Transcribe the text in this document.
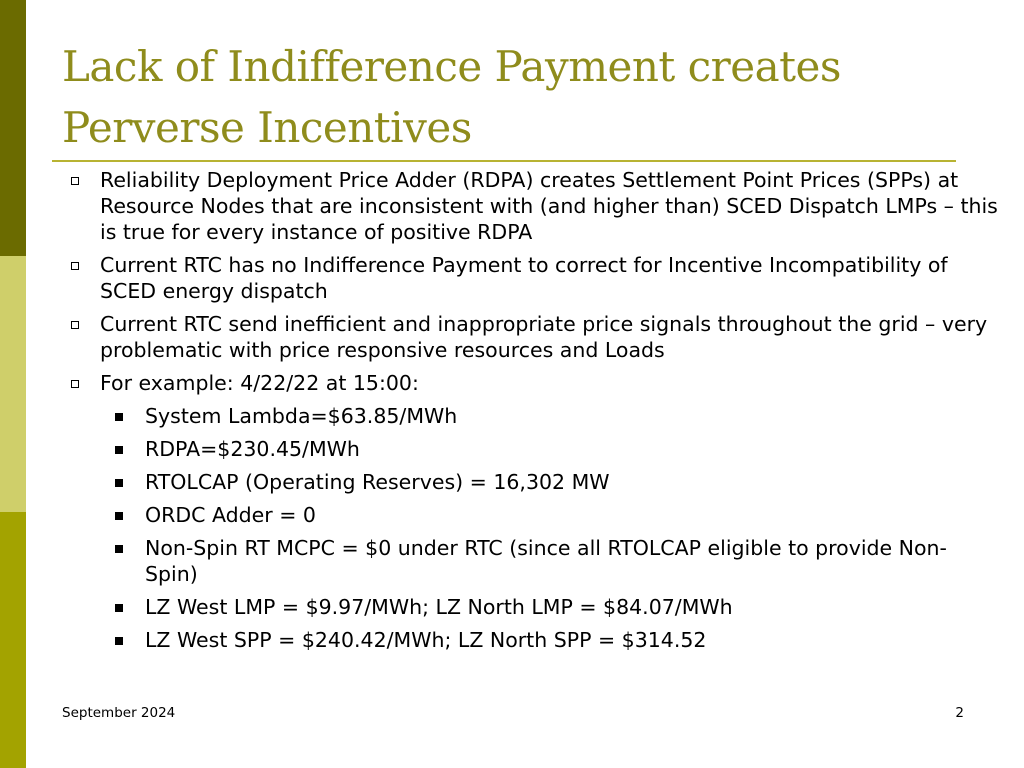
Lack of Indifference Payment creates Perverse Incentives
Reliability Deployment Price Adder (RDPA) creates Settlement Point Prices (SPPs) at Resource Nodes that are inconsistent with (and higher than) SCED Dispatch LMPs – this is true for every instance of positive RDPA
Current RTC has no Indifference Payment to correct for Incentive Incompatibility of SCED energy dispatch
Current RTC send inefficient and inappropriate price signals throughout the grid – very problematic with price responsive resources and Loads
For example: 4/22/22 at 15:00:
System Lambda=$63.85/MWh
RDPA=$230.45/MWh
RTOLCAP (Operating Reserves) = 16,302 MW
ORDC Adder = 0
Non-Spin RT MCPC = $0 under RTC (since all RTOLCAP eligible to provide Non-Spin)
LZ West LMP = $9.97/MWh; LZ North LMP = $84.07/MWh
LZ West SPP = $240.42/MWh; LZ North SPP = $314.52
September 2024	2
